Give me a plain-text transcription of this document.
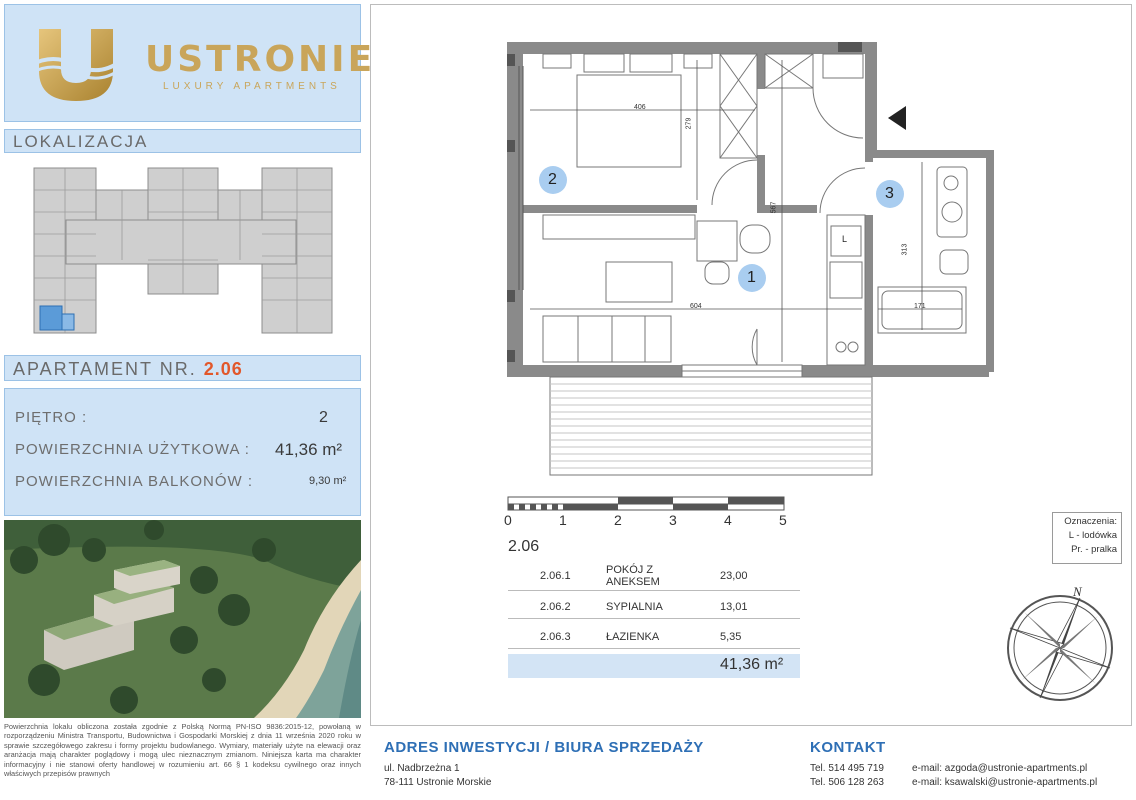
USTRONIE
LUXURY APARTMENTS
LOKALIZACJA
APARTAMENT NR. 2.06
PIĘTRO :	2
POWIERZCHNIA UŻYTKOWA : 41,36 m²
POWIERZCHNIA BALKONÓW :	9,30 m²
Powierzchnia lokalu obliczona została zgodnie z Polską Normą PN-ISO 9836:2015-12, powołaną w rozporządzeniu Ministra Transportu, Budownictwa i Gospodarki Morskiej z dnia 11 września 2020 roku w sprawie szczegółowego zakresu i formy projektu budowlanego. Wymiary, materiały użyte na elewacji oraz aranżacja mają charakter poglądowy i mogą ulec nieznacznym zmianom. Niniejsza karta ma charakter informacyjny i nie stanowi oferty handlowej w rozumieniu art. 66 § 1 kodeksu cywilnego oraz innych właściwych przepisów prawnych
2
1
3
406
279
567
604
313
171
L
0	1	2	3	4	5	Oznaczenia:
L - lodówka
Pr. - pralka
2.06
2.06.1	POKÓJ Z
ANEKSEM	23,00
2.06.2	SYPIALNIA	13,01
2.06.3	ŁAZIENKA	5,35
41,36 m²
N
ADRES INWESTYCJI / BIURA SPRZEDAŻY
ul. Nadbrzeżna 1
78-111 Ustronie Morskie
KONTAKT
Tel. 514 495 719
Tel. 506 128 263
e-mail: azgoda@ustronie-apartments.pl
e-mail: ksawalski@ustronie-apartments.pl
